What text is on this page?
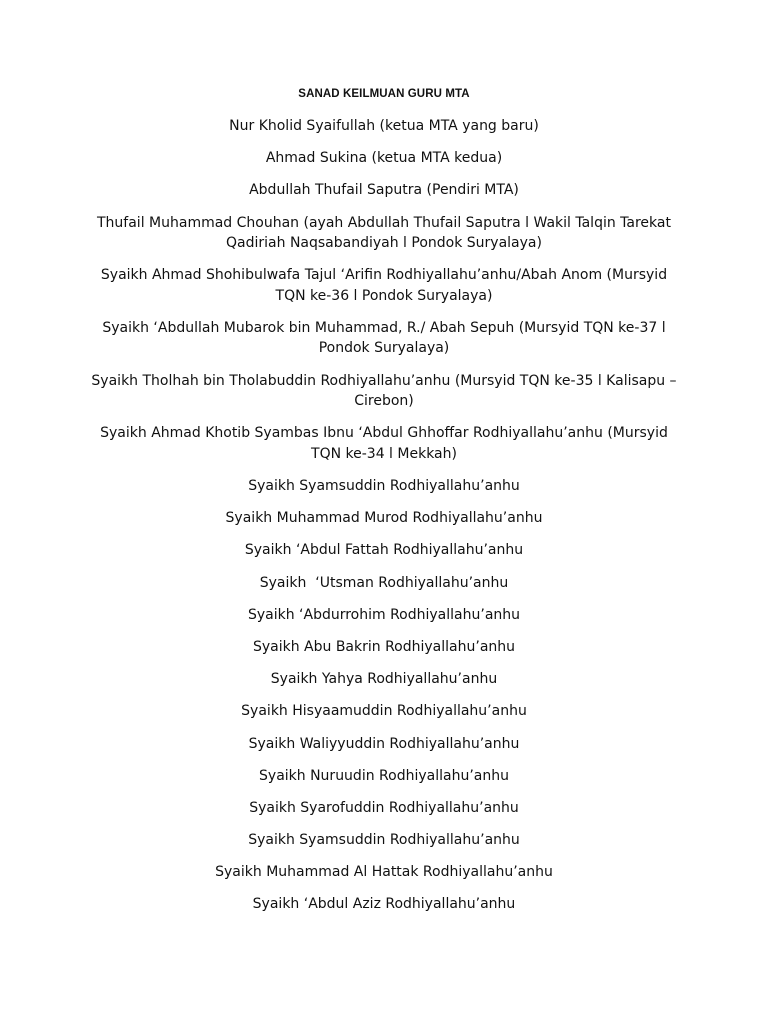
SANAD KEILMUAN GURU MTA
Nur Kholid Syaifullah (ketua MTA yang baru)
Ahmad Sukina (ketua MTA kedua)
Abdullah Thufail Saputra (Pendiri MTA)
Thufail Muhammad Chouhan (ayah Abdullah Thufail Saputra l Wakil Talqin Tarekat Qadiriah Naqsabandiyah l Pondok Suryalaya)
Syaikh Ahmad Shohibulwafa Tajul ‘Arifin Rodhiyallahu’anhu/Abah Anom (Mursyid TQN ke-36 l Pondok Suryalaya)
Syaikh ‘Abdullah Mubarok bin Muhammad, R./ Abah Sepuh (Mursyid TQN ke-37 l Pondok Suryalaya)
Syaikh Tholhah bin Tholabuddin Rodhiyallahu’anhu (Mursyid TQN ke-35 l Kalisapu – Cirebon)
Syaikh Ahmad Khotib Syambas Ibnu ‘Abdul Ghhoffar Rodhiyallahu’anhu (Mursyid TQN ke-34 l Mekkah)
Syaikh Syamsuddin Rodhiyallahu’anhu
Syaikh Muhammad Murod Rodhiyallahu’anhu
Syaikh ‘Abdul Fattah Rodhiyallahu’anhu
Syaikh  ‘Utsman Rodhiyallahu’anhu
Syaikh ‘Abdurrohim Rodhiyallahu’anhu
Syaikh Abu Bakrin Rodhiyallahu’anhu
Syaikh Yahya Rodhiyallahu’anhu
Syaikh Hisyaamuddin Rodhiyallahu’anhu
Syaikh Waliyyuddin Rodhiyallahu’anhu
Syaikh Nuruudin Rodhiyallahu’anhu
Syaikh Syarofuddin Rodhiyallahu’anhu
Syaikh Syamsuddin Rodhiyallahu’anhu
Syaikh Muhammad Al Hattak Rodhiyallahu’anhu
Syaikh ‘Abdul Aziz Rodhiyallahu’anhu
